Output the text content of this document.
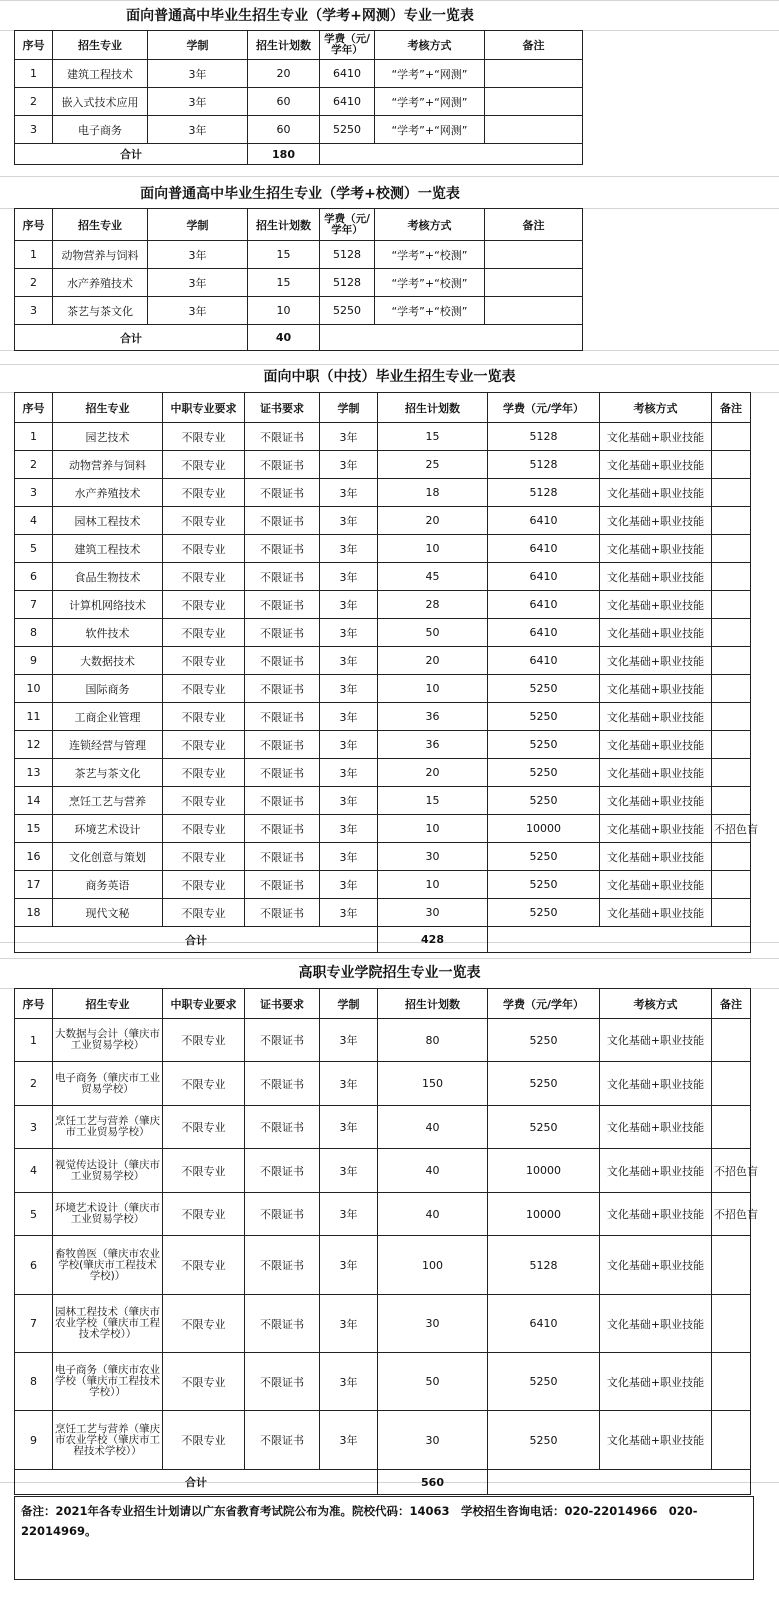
面向普通高中毕业生招生专业（学考+网测）专业一览表
序号	招生专业	学制	招生计划数	学费（元/学年）	考核方式	备注
1	建筑工程技术	3年	20	6410	“学考”+“网测”	
2	嵌入式技术应用	3年	60	6410	“学考”+“网测”	
3	电子商务	3年	60	5250	“学考”+“网测”	
合计			180			
面向普通高中毕业生招生专业（学考+校测）一览表
序号	招生专业	学制	招生计划数	学费（元/学年）	考核方式	备注
1	动物营养与饲料	3年	15	5128	“学考”+“校测”	
2	水产养殖技术	3年	15	5128	“学考”+“校测”	
3	茶艺与茶文化	3年	10	5250	“学考”+“校测”	
合计			40			
面向中职（中技）毕业生招生专业一览表
序号	招生专业	中职专业要求	证书要求	学制	招生计划数	学费（元/学年）	考核方式	备注
1	园艺技术	不限专业	不限证书	3年	15	5128	文化基础+职业技能	
2	动物营养与饲料	不限专业	不限证书	3年	25	5128	文化基础+职业技能	
3	水产养殖技术	不限专业	不限证书	3年	18	5128	文化基础+职业技能	
4	园林工程技术	不限专业	不限证书	3年	20	6410	文化基础+职业技能	
5	建筑工程技术	不限专业	不限证书	3年	10	6410	文化基础+职业技能	
6	食品生物技术	不限专业	不限证书	3年	45	6410	文化基础+职业技能	
7	计算机网络技术	不限专业	不限证书	3年	28	6410	文化基础+职业技能	
8	软件技术	不限专业	不限证书	3年	50	6410	文化基础+职业技能	
9	大数据技术	不限专业	不限证书	3年	20	6410	文化基础+职业技能	
10	国际商务	不限专业	不限证书	3年	10	5250	文化基础+职业技能	
11	工商企业管理	不限专业	不限证书	3年	36	5250	文化基础+职业技能	
12	连锁经营与管理	不限专业	不限证书	3年	36	5250	文化基础+职业技能	
13	茶艺与茶文化	不限专业	不限证书	3年	20	5250	文化基础+职业技能	
14	烹饪工艺与营养	不限专业	不限证书	3年	15	5250	文化基础+职业技能	
15	环境艺术设计	不限专业	不限证书	3年	10	10000	文化基础+职业技能	不招色盲
16	文化创意与策划	不限专业	不限证书	3年	30	5250	文化基础+职业技能	
17	商务英语	不限专业	不限证书	3年	10	5250	文化基础+职业技能	
18	现代文秘	不限专业	不限证书	3年	30	5250	文化基础+职业技能	
合计					428			
高职专业学院招生专业一览表
序号	招生专业	中职专业要求	证书要求	学制	招生计划数	学费（元/学年）	考核方式	备注
1	大数据与会计（肇庆市工业贸易学校）	不限专业	不限证书	3年	80	5250	文化基础+职业技能	
2	电子商务（肇庆市工业贸易学校）	不限专业	不限证书	3年	150	5250	文化基础+职业技能	
3	烹饪工艺与营养（肇庆市工业贸易学校）	不限专业	不限证书	3年	40	5250	文化基础+职业技能	
4	视觉传达设计（肇庆市工业贸易学校）	不限专业	不限证书	3年	40	10000	文化基础+职业技能	不招色盲
5	环境艺术设计（肇庆市工业贸易学校）	不限专业	不限证书	3年	40	10000	文化基础+职业技能	不招色盲
6	畜牧兽医（肇庆市农业学校(肇庆市工程技术学校)）	不限专业	不限证书	3年	100	5128	文化基础+职业技能	
7	园林工程技术（肇庆市农业学校（肇庆市工程技术学校））	不限专业	不限证书	3年	30	6410	文化基础+职业技能	
8	电子商务（肇庆市农业学校（肇庆市工程技术学校））	不限专业	不限证书	3年	50	5250	文化基础+职业技能	
9	烹饪工艺与营养（肇庆市农业学校（肇庆市工程技术学校））	不限专业	不限证书	3年	30	5250	文化基础+职业技能	
合计					560			
备注：2021年各专业招生计划请以广东省教育考试院公布为准。院校代码：14063　学校招生咨询电话：020-22014966　020-22014969。
